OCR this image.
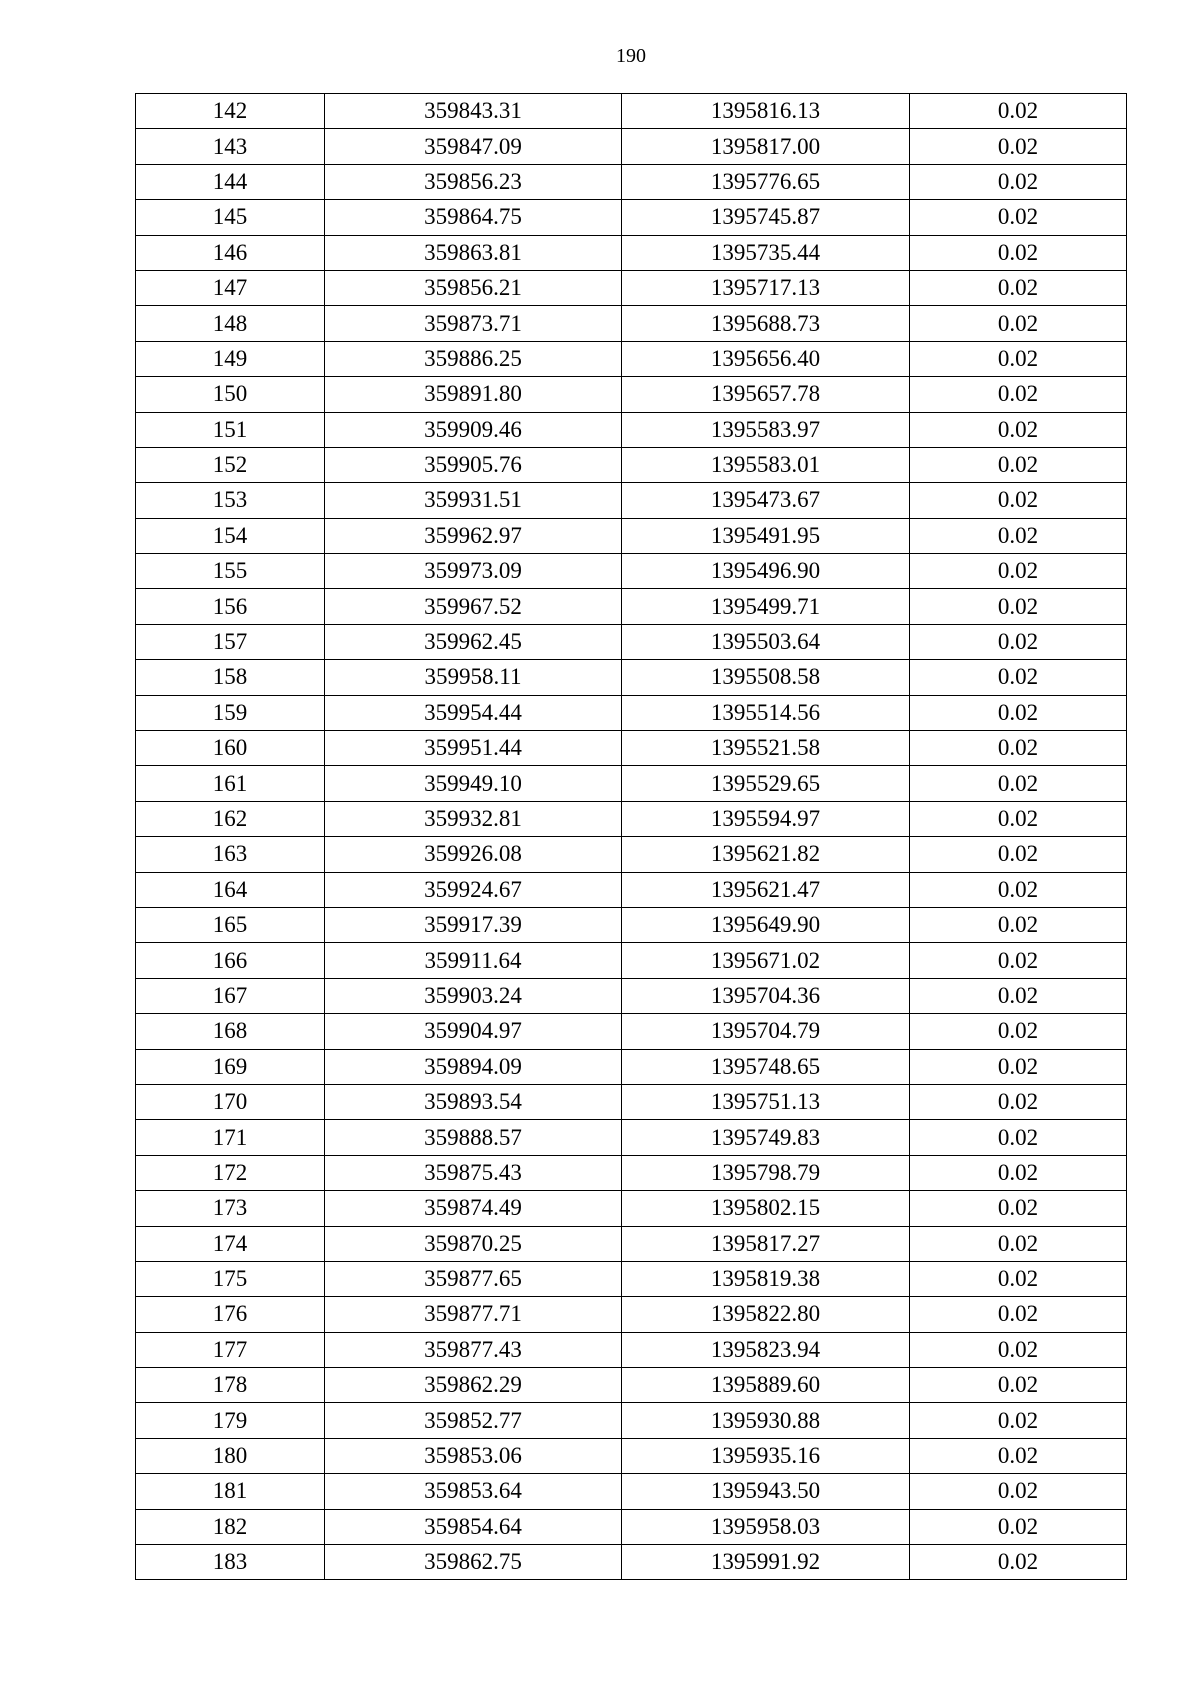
190
142	359843.31	1395816.13	0.02
143	359847.09	1395817.00	0.02
144	359856.23	1395776.65	0.02
145	359864.75	1395745.87	0.02
146	359863.81	1395735.44	0.02
147	359856.21	1395717.13	0.02
148	359873.71	1395688.73	0.02
149	359886.25	1395656.40	0.02
150	359891.80	1395657.78	0.02
151	359909.46	1395583.97	0.02
152	359905.76	1395583.01	0.02
153	359931.51	1395473.67	0.02
154	359962.97	1395491.95	0.02
155	359973.09	1395496.90	0.02
156	359967.52	1395499.71	0.02
157	359962.45	1395503.64	0.02
158	359958.11	1395508.58	0.02
159	359954.44	1395514.56	0.02
160	359951.44	1395521.58	0.02
161	359949.10	1395529.65	0.02
162	359932.81	1395594.97	0.02
163	359926.08	1395621.82	0.02
164	359924.67	1395621.47	0.02
165	359917.39	1395649.90	0.02
166	359911.64	1395671.02	0.02
167	359903.24	1395704.36	0.02
168	359904.97	1395704.79	0.02
169	359894.09	1395748.65	0.02
170	359893.54	1395751.13	0.02
171	359888.57	1395749.83	0.02
172	359875.43	1395798.79	0.02
173	359874.49	1395802.15	0.02
174	359870.25	1395817.27	0.02
175	359877.65	1395819.38	0.02
176	359877.71	1395822.80	0.02
177	359877.43	1395823.94	0.02
178	359862.29	1395889.60	0.02
179	359852.77	1395930.88	0.02
180	359853.06	1395935.16	0.02
181	359853.64	1395943.50	0.02
182	359854.64	1395958.03	0.02
183	359862.75	1395991.92	0.02
